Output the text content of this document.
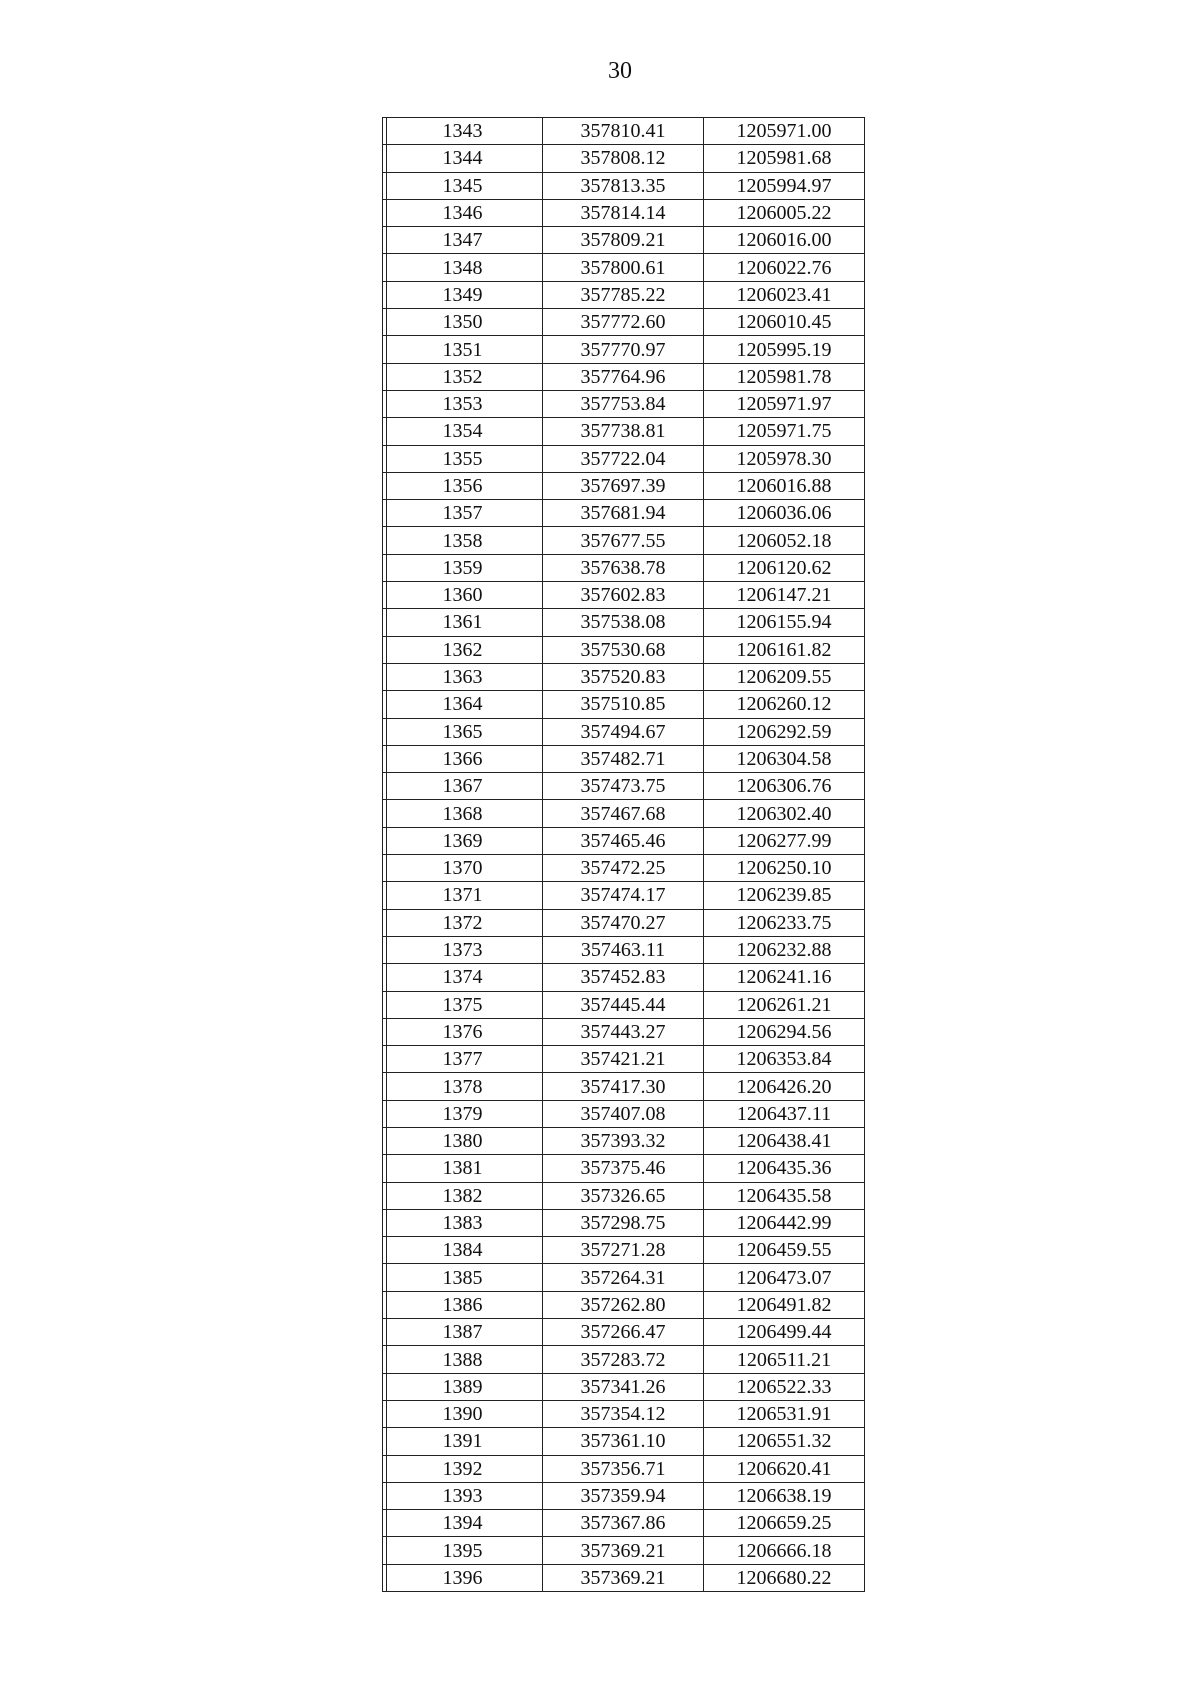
30
1343	357810.41	1205971.00
1344	357808.12	1205981.68
1345	357813.35	1205994.97
1346	357814.14	1206005.22
1347	357809.21	1206016.00
1348	357800.61	1206022.76
1349	357785.22	1206023.41
1350	357772.60	1206010.45
1351	357770.97	1205995.19
1352	357764.96	1205981.78
1353	357753.84	1205971.97
1354	357738.81	1205971.75
1355	357722.04	1205978.30
1356	357697.39	1206016.88
1357	357681.94	1206036.06
1358	357677.55	1206052.18
1359	357638.78	1206120.62
1360	357602.83	1206147.21
1361	357538.08	1206155.94
1362	357530.68	1206161.82
1363	357520.83	1206209.55
1364	357510.85	1206260.12
1365	357494.67	1206292.59
1366	357482.71	1206304.58
1367	357473.75	1206306.76
1368	357467.68	1206302.40
1369	357465.46	1206277.99
1370	357472.25	1206250.10
1371	357474.17	1206239.85
1372	357470.27	1206233.75
1373	357463.11	1206232.88
1374	357452.83	1206241.16
1375	357445.44	1206261.21
1376	357443.27	1206294.56
1377	357421.21	1206353.84
1378	357417.30	1206426.20
1379	357407.08	1206437.11
1380	357393.32	1206438.41
1381	357375.46	1206435.36
1382	357326.65	1206435.58
1383	357298.75	1206442.99
1384	357271.28	1206459.55
1385	357264.31	1206473.07
1386	357262.80	1206491.82
1387	357266.47	1206499.44
1388	357283.72	1206511.21
1389	357341.26	1206522.33
1390	357354.12	1206531.91
1391	357361.10	1206551.32
1392	357356.71	1206620.41
1393	357359.94	1206638.19
1394	357367.86	1206659.25
1395	357369.21	1206666.18
1396	357369.21	1206680.22
